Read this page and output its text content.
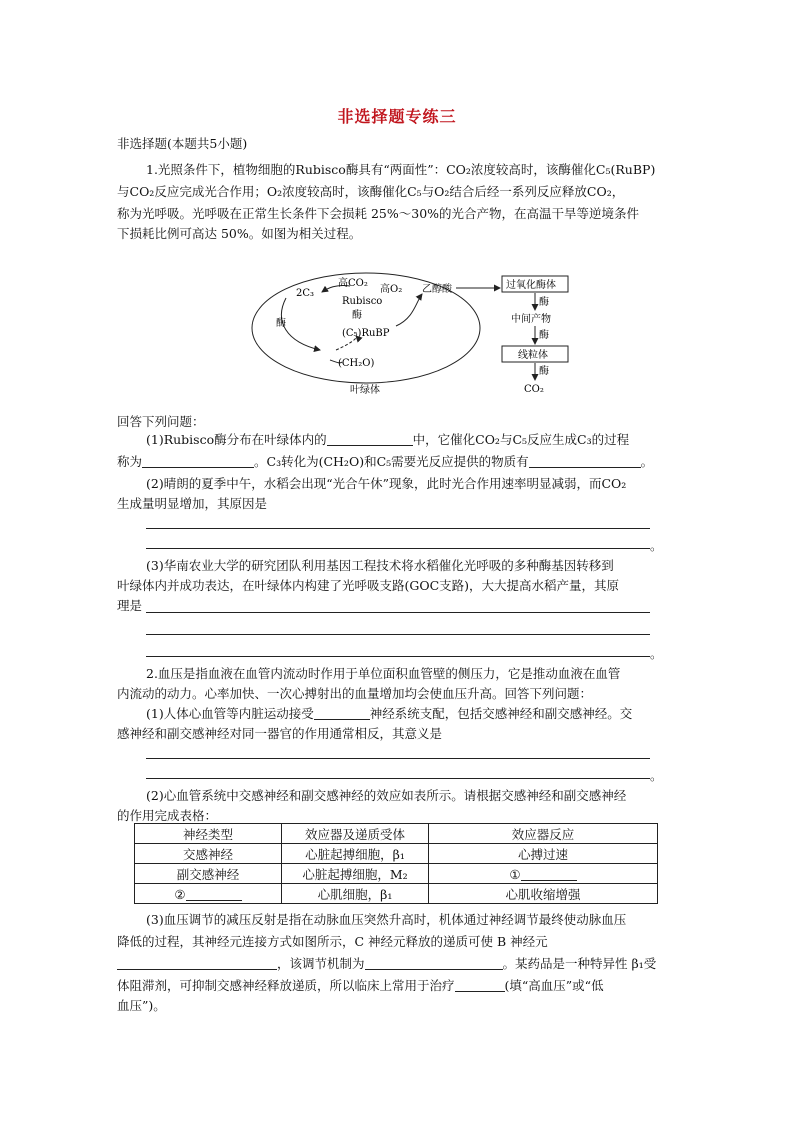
非选择题专练三

非选择题(本题共5小题)

1.光照条件下，植物细胞的Rubisco酶具有“两面性”：CO₂浓度较高时，该酶催化C₅(RuBP)

与CO₂反应完成光合作用；O₂浓度较高时，该酶催化C₅与O₂结合后经一系列反应释放CO₂，

称为光呼吸。光呼吸在正常生长条件下会损耗 25%～30%的光合产物，在高温干旱等逆境条件

下损耗比例可高达 50%。如图为相关过程。

高CO₂
2C₃
Rubisco
酶
高O₂ 乙醇酸
酶
(C₅)RuBP
(CH₂O)
叶绿体
过氧化酶体
酶
中间产物
酶
线粒体
酶
CO₂

回答下列问题：

(1)Rubisco酶分布在叶绿体内的	中，它催化CO₂与C₅反应生成C₃的过程

称为	。C₃转化为(CH₂O)和C₅需要光反应提供的物质有	。

(2)晴朗的夏季中午，水稻会出现“光合午休”现象，此时光合作用速率明显减弱，而CO₂

生成量明显增加，其原因是

。

(3)华南农业大学的研究团队利用基因工程技术将水稻催化光呼吸的多种酶基因转移到

叶绿体内并成功表达，在叶绿体内构建了光呼吸支路(GOC支路)，大大提高水稻产量，其原

理是

。

2.血压是指血液在血管内流动时作用于单位面积血管壁的侧压力，它是推动血液在血管

内流动的动力。心率加快、一次心搏射出的血量增加均会使血压升高。回答下列问题：

(1)人体心血管等内脏运动接受	神经系统支配，包括交感神经和副交感神经。交

感神经和副交感神经对同一器官的作用通常相反，其意义是

。

(2)心血管系统中交感神经和副交感神经的效应如表所示。请根据交感神经和副交感神经

的作用完成表格：

神经类型	效应器及递质受体	效应器反应
交感神经	心脏起搏细胞，β₁	心搏过速
副交感神经	心脏起搏细胞，M₂	①
②	心肌细胞，β₁	心肌收缩增强

(3)血压调节的减压反射是指在动脉血压突然升高时，机体通过神经调节最终使动脉血压

降低的过程，其神经元连接方式如图所示，C 神经元释放的递质可使 B 神经元

，该调节机制为	。某药品是一种特异性 β₁受

体阻滞剂，可抑制交感神经释放递质，所以临床上常用于治疗	(填“高血压”或“低

血压”)。
